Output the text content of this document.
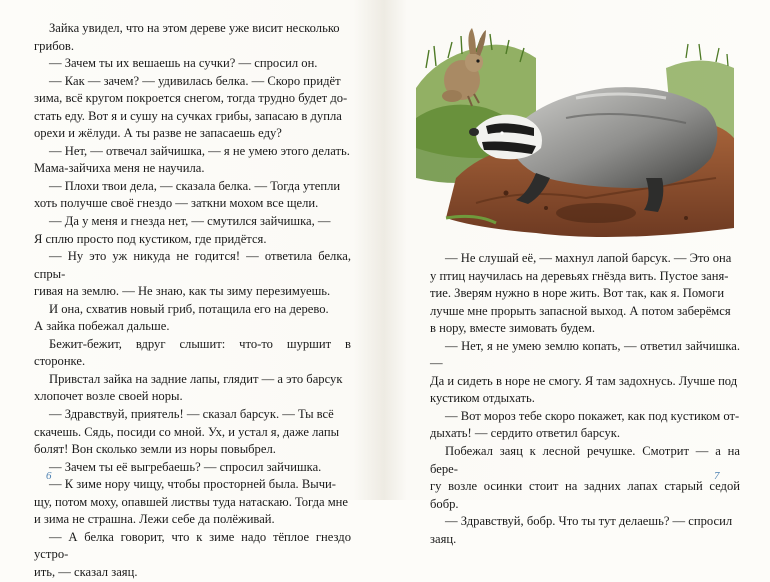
Зайка увидел, что на этом дереве уже висит несколько

грибов.

— Зачем ты их вешаешь на сучки? — спросил он.

— Как — зачем? — удивилась белка. — Скоро придёт

зима, всё кругом покроется снегом, тогда трудно будет до-

стать еду. Вот я и сушу на сучках грибы, запасаю в дупла

орехи и жёлуди. А ты разве не запасаешь еду?

— Нет, — отвечал зайчишка, — я не умею этого делать.

Мама-зайчиха меня не научила.

— Плохи твои дела, — сказала белка. — Тогда утепли

хоть получше своё гнездо — заткни мохом все щели.

— Да у меня и гнезда нет, — смутился зайчишка, —

Я сплю просто под кустиком, где придётся.

— Ну это уж никуда не годится! — ответила белка, спры-

гивая на землю. — Не знаю, как ты зиму перезимуешь.

И она, схватив новый гриб, потащила его на дерево.

А зайка побежал дальше.

Бежит-бежит, вдруг слышит: что-то шуршит в сторонке.

Привстал зайка на задние лапы, глядит — а это барсук

хлопочет возле своей норы.

— Здравствуй, приятель! — сказал барсук. — Ты всё

скачешь. Сядь, посиди со мной. Ух, и устал я, даже лапы

болят! Вон сколько земли из норы повыбрел.

— Зачем ты её выгребаешь? — спросил зайчишка.

— К зиме нору чищу, чтобы просторней была. Вычи-

щу, потом моху, опавшей листвы туда натаскаю. Тогда мне

и зима не страшна. Лежи себе да полёживай.

— А белка говорит, что к зиме надо тёплое гнездо устро-

ить, — сказал заяц.

6

— Не слушай её, — махнул лапой барсук. — Это она

у птиц научилась на деревьях гнёзда вить. Пустое заня-

тие. Зверям нужно в норе жить. Вот так, как я. Помоги

лучше мне прорыть запасной выход. А потом заберёмся

в нору, вместе зимовать будем.

— Нет, я не умею землю копать, — ответил зайчишка. —

Да и сидеть в норе не смогу. Я там задохнусь. Лучше под

кустиком отдыхать.

— Вот мороз тебе скоро покажет, как под кустиком от-

дыхать! — сердито ответил барсук.

Побежал заяц к лесной речушке. Смотрит — а на бере-

гу возле осинки стоит на задних лапах старый седой бобр.

— Здравствуй, бобр. Что ты тут делаешь? — спросил

заяц.

7
